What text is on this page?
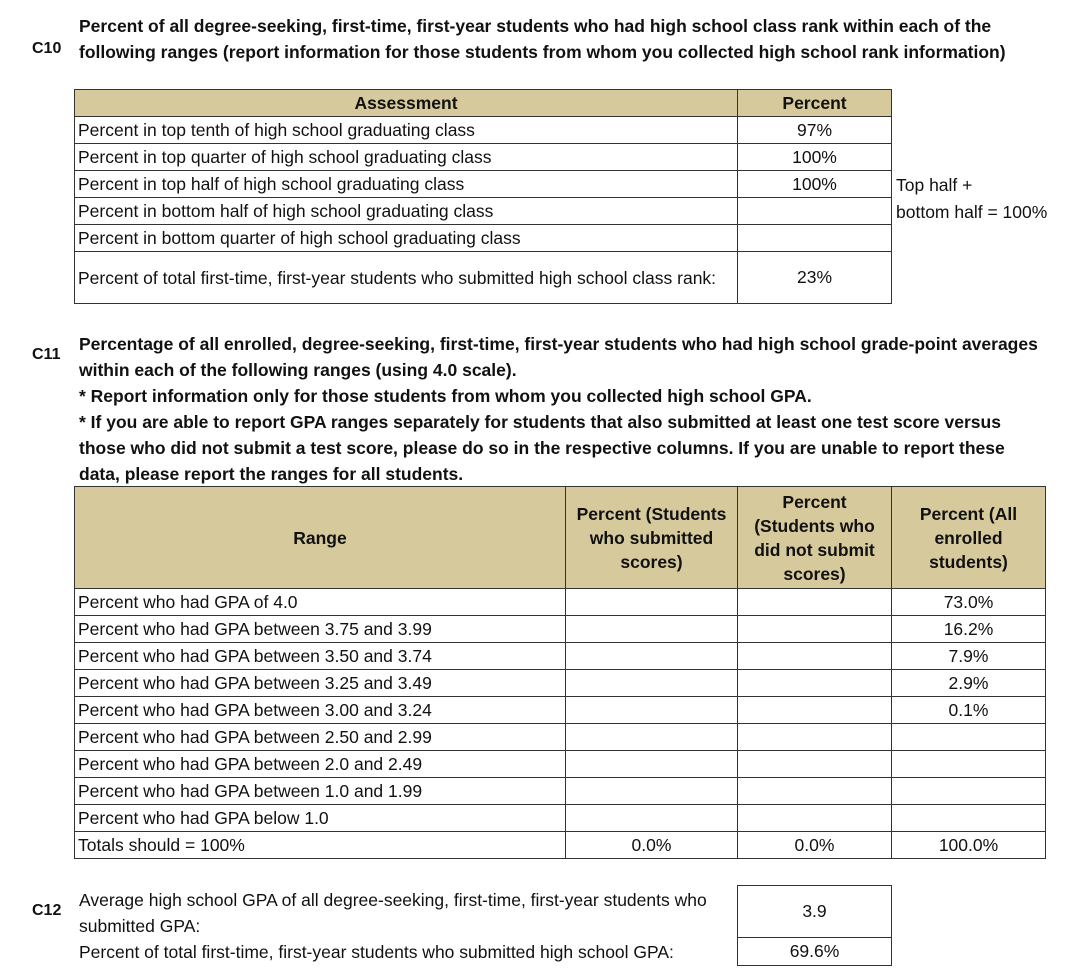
C10
Percent of all degree-seeking, first-time, first-year students who had high school class rank within each of the following ranges (report information for those students from whom you collected high school rank information)
Assessment	Percent
Percent in top tenth of high school graduating class	97%
Percent in top quarter of high school graduating class	100%
Percent in top half of high school graduating class	100%
Percent in bottom half of high school graduating class	
Percent in bottom quarter of high school graduating class	
Percent of total first-time, first-year students who submitted high school class rank:	23%
Top half +
bottom half = 100%
C11
Percentage of all enrolled, degree-seeking, first-time, first-year students who had high school grade-point averages within each of the following ranges (using 4.0 scale).
* Report information only for those students from whom you collected high school GPA.
* If you are able to report GPA ranges separately for students that also submitted at least one test score versus those who did not submit a test score, please do so in the respective columns. If you are unable to report these data, please report the ranges for all students.
Range	Percent (Students who submitted scores)	Percent (Students who did not submit scores)	Percent (All enrolled students)
Percent who had GPA of 4.0			73.0%
Percent who had GPA between 3.75 and 3.99			16.2%
Percent who had GPA between 3.50 and 3.74			7.9%
Percent who had GPA between 3.25 and 3.49			2.9%
Percent who had GPA between 3.00 and 3.24			0.1%
Percent who had GPA between 2.50 and 2.99			
Percent who had GPA between 2.0 and 2.49			
Percent who had GPA between 1.0 and 1.99			
Percent who had GPA below 1.0			
Totals should = 100%	0.0%	0.0%	100.0%
C12
Average high school GPA of all degree-seeking, first-time, first-year students who submitted GPA:
3.9
Percent of total first-time, first-year students who submitted high school GPA:	69.6%
